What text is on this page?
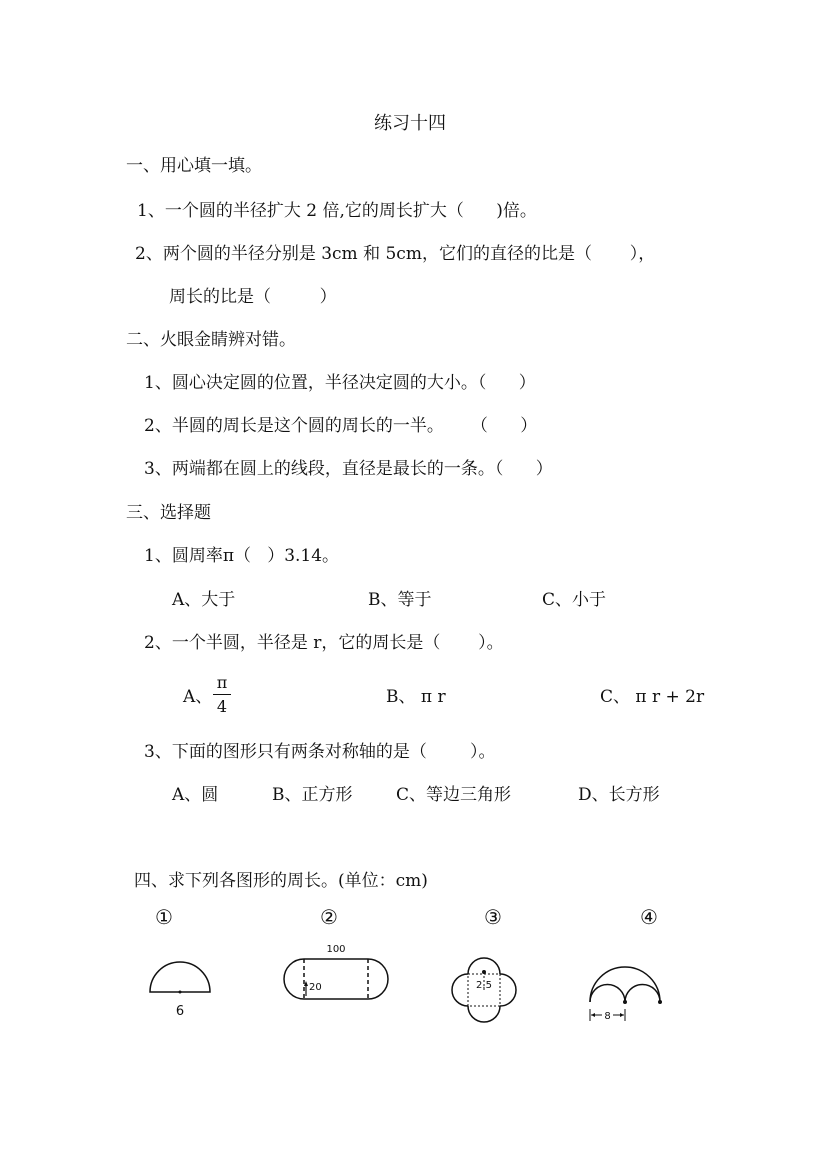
练习十四
一、用心填一填。
1、一个圆的半径扩大 2 倍,它的周长扩大（      )倍。
2、两个圆的半径分别是 3cm 和 5cm，它们的直径的比是（       ），
周长的比是（         ）
二、火眼金睛辨对错。
1、圆心决定圆的位置，半径决定圆的大小。（      ）
2、半圆的周长是这个圆的周长的一半。     （      ）
3、两端都在圆上的线段，直径是最长的一条。（      ）
三、选择题
1、圆周率π（   ）3.14。
A、大于	B、等于	C、小于
2、一个半圆，半径是 r，它的周长是（       ）。
A、
π
4	B、 π r	C、 π r + 2r
3、下面的图形只有两条对称轴的是（        ）。
A、圆	B、正方形	C、等边三角形	D、长方形
四、求下列各图形的周长。(单位：cm)
①	②	③	④
6
100
20	2.5
8
